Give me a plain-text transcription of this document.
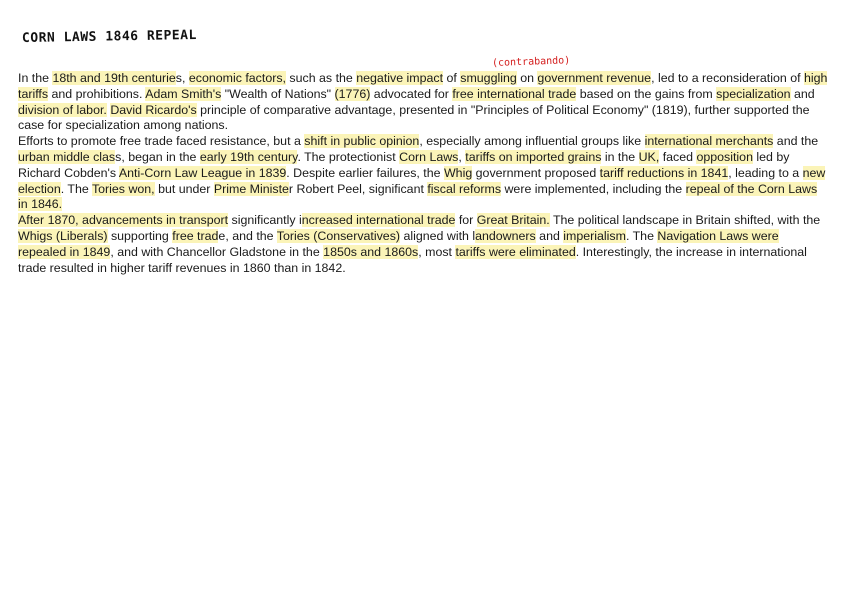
CORN LAWS 1846 REPEAL
(contrabando)

In the 18th and 19th centuries, economic factors, such as the negative impact of smuggling on government revenue, led to a reconsideration of high tariffs and prohibitions. Adam Smith's "Wealth of Nations" (1776) advocated for free international trade based on the gains from specialization and division of labor. David Ricardo's principle of comparative advantage, presented in "Principles of Political Economy" (1819), further supported the case for specialization among nations.

Efforts to promote free trade faced resistance, but a shift in public opinion, especially among influential groups like international merchants and the urban middle class, began in the early 19th century. The protectionist Corn Laws, tariffs on imported grains in the UK, faced opposition led by Richard Cobden's Anti-Corn Law League in 1839. Despite earlier failures, the Whig government proposed tariff reductions in 1841, leading to a new election. The Tories won, but under Prime Minister Robert Peel, significant fiscal reforms were implemented, including the repeal of the Corn Laws in 1846.

After 1870, advancements in transport significantly increased international trade for Great Britain. The political landscape in Britain shifted, with the Whigs (Liberals) supporting free trade, and the Tories (Conservatives) aligned with landowners and imperialism. The Navigation Laws were repealed in 1849, and with Chancellor Gladstone in the 1850s and 1860s, most tariffs were eliminated. Interestingly, the increase in international trade resulted in higher tariff revenues in 1860 than in 1842.
